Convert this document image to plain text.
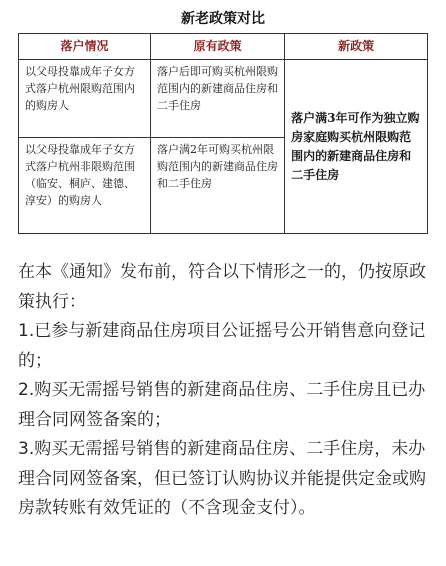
新老政策对比
落户情况	原有政策	新政策
以父母投靠成年子女方式落户杭州限购范围内的购房人	落户后即可购买杭州限购范围内的新建商品住房和二手住房	落户满3年可作为独立购房家庭购买杭州限购范围内的新建商品住房和二手住房
以父母投靠成年子女方式落户杭州非限购范围（临安、桐庐、建德、淳安）的购房人	落户满2年可购买杭州限购范围内的新建商品住房和二手住房	

在本《通知》发布前，符合以下情形之一的，仍按原政策执行：

1.已参与新建商品住房项目公证摇号公开销售意向登记的；

2.购买无需摇号销售的新建商品住房、二手住房且已办理合同网签备案的；

3.购买无需摇号销售的新建商品住房、二手住房，未办理合同网签备案，但已签订认购协议并能提供定金或购房款转账有效凭证的（不含现金支付）。
